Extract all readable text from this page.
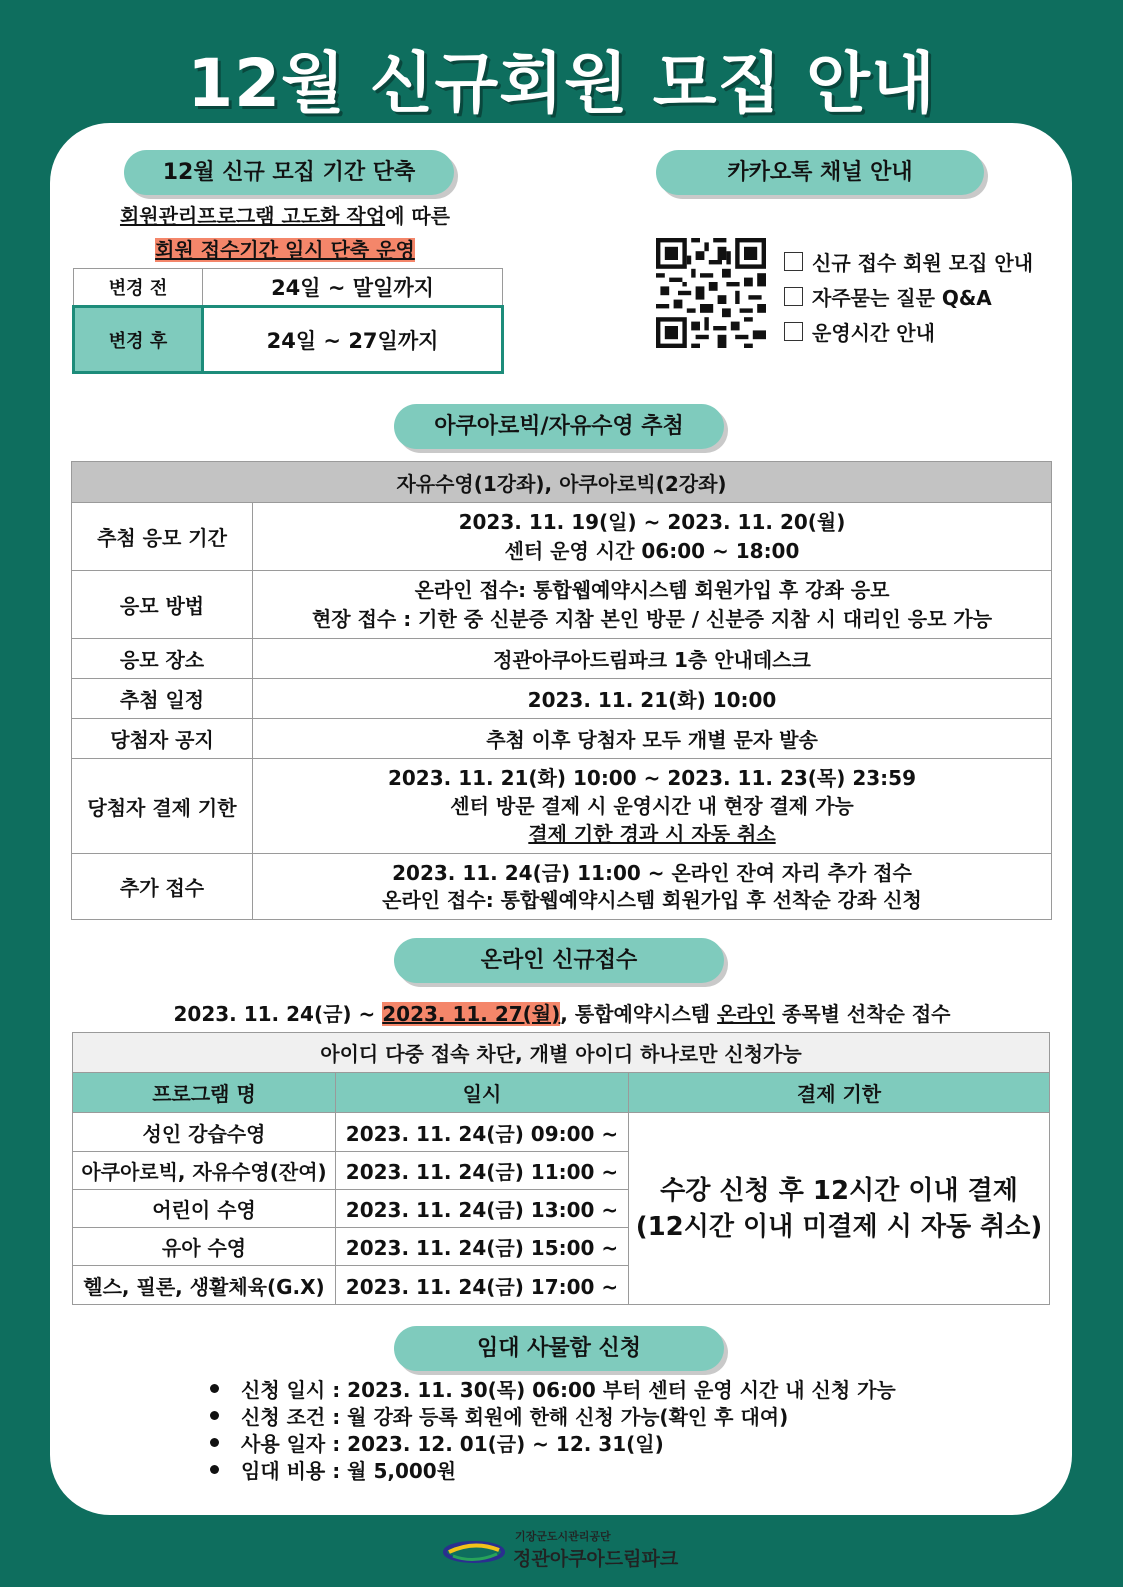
12월 신규회원 모집 안내
12월 신규 모집 기간 단축
회원관리프로그램 고도화 작업에 따른
회원 접수기간 일시 단축 운영
변경 전	24일 ~ 말일까지
변경 후	24일 ~ 27일까지
카카오톡 채널 안내
신규 접수 회원 모집 안내
자주묻는 질문 Q&A
운영시간 안내
아쿠아로빅/자유수영 추첨
자유수영(1강좌), 아쿠아로빅(2강좌)	
추첨 응모 기간	2023. 11. 19(일) ~ 2023. 11. 20(월)
센터 운영 시간 06:00 ~ 18:00

응모 방법	온라인 접수: 통합웹예약시스템 회원가입 후 강좌 응모
현장 접수 : 기한 중 신분증 지참 본인 방문 / 신분증 지참 시 대리인 응모 가능

응모 장소	정관아쿠아드림파크 1층 안내데스크

추첨 일정	2023. 11. 21(화) 10:00

당첨자 공지	추첨 이후 당첨자 모두 개별 문자 발송

당첨자 결제 기한	2023. 11. 21(화) 10:00 ~ 2023. 11. 23(목) 23:59
센터 방문 결제 시 운영시간 내 현장 결제 가능
결제 기한 경과 시 자동 취소

추가 접수	2023. 11. 24(금) 11:00 ~ 온라인 잔여 자리 추가 접수
온라인 접수: 통합웹예약시스템 회원가입 후 선착순 강좌 신청
온라인 신규접수
2023. 11. 24(금) ~ 2023. 11. 27(월), 통합예약시스템 온라인 종목별 선착순 접수
아이디 다중 접속 차단, 개별 아이디 하나로만 신청가능		
프로그램 명	일시	결제 기한
성인 강습수영	2023. 11. 24(금) 09:00 ~	수강 신청 후 12시간 이내 결제
(12시간 이내 미결제 시 자동 취소)

아쿠아로빅, 자유수영(잔여)	2023. 11. 24(금) 11:00 ~	
어린이 수영	2023. 11. 24(금) 13:00 ~	
유아 수영	2023. 11. 24(금) 15:00 ~	
헬스, 필론, 생활체육(G.X)	2023. 11. 24(금) 17:00 ~	
임대 사물함 신청
신청 일시 : 2023. 11. 30(목) 06:00 부터 센터 운영 시간 내 신청 가능
신청 조건 : 월 강좌 등록 회원에 한해 신청 가능(확인 후 대여)
사용 일자 : 2023. 12. 01(금) ~ 12. 31(일)
임대 비용 : 월 5,000원
기장군도시관리공단
정관아쿠아드림파크
